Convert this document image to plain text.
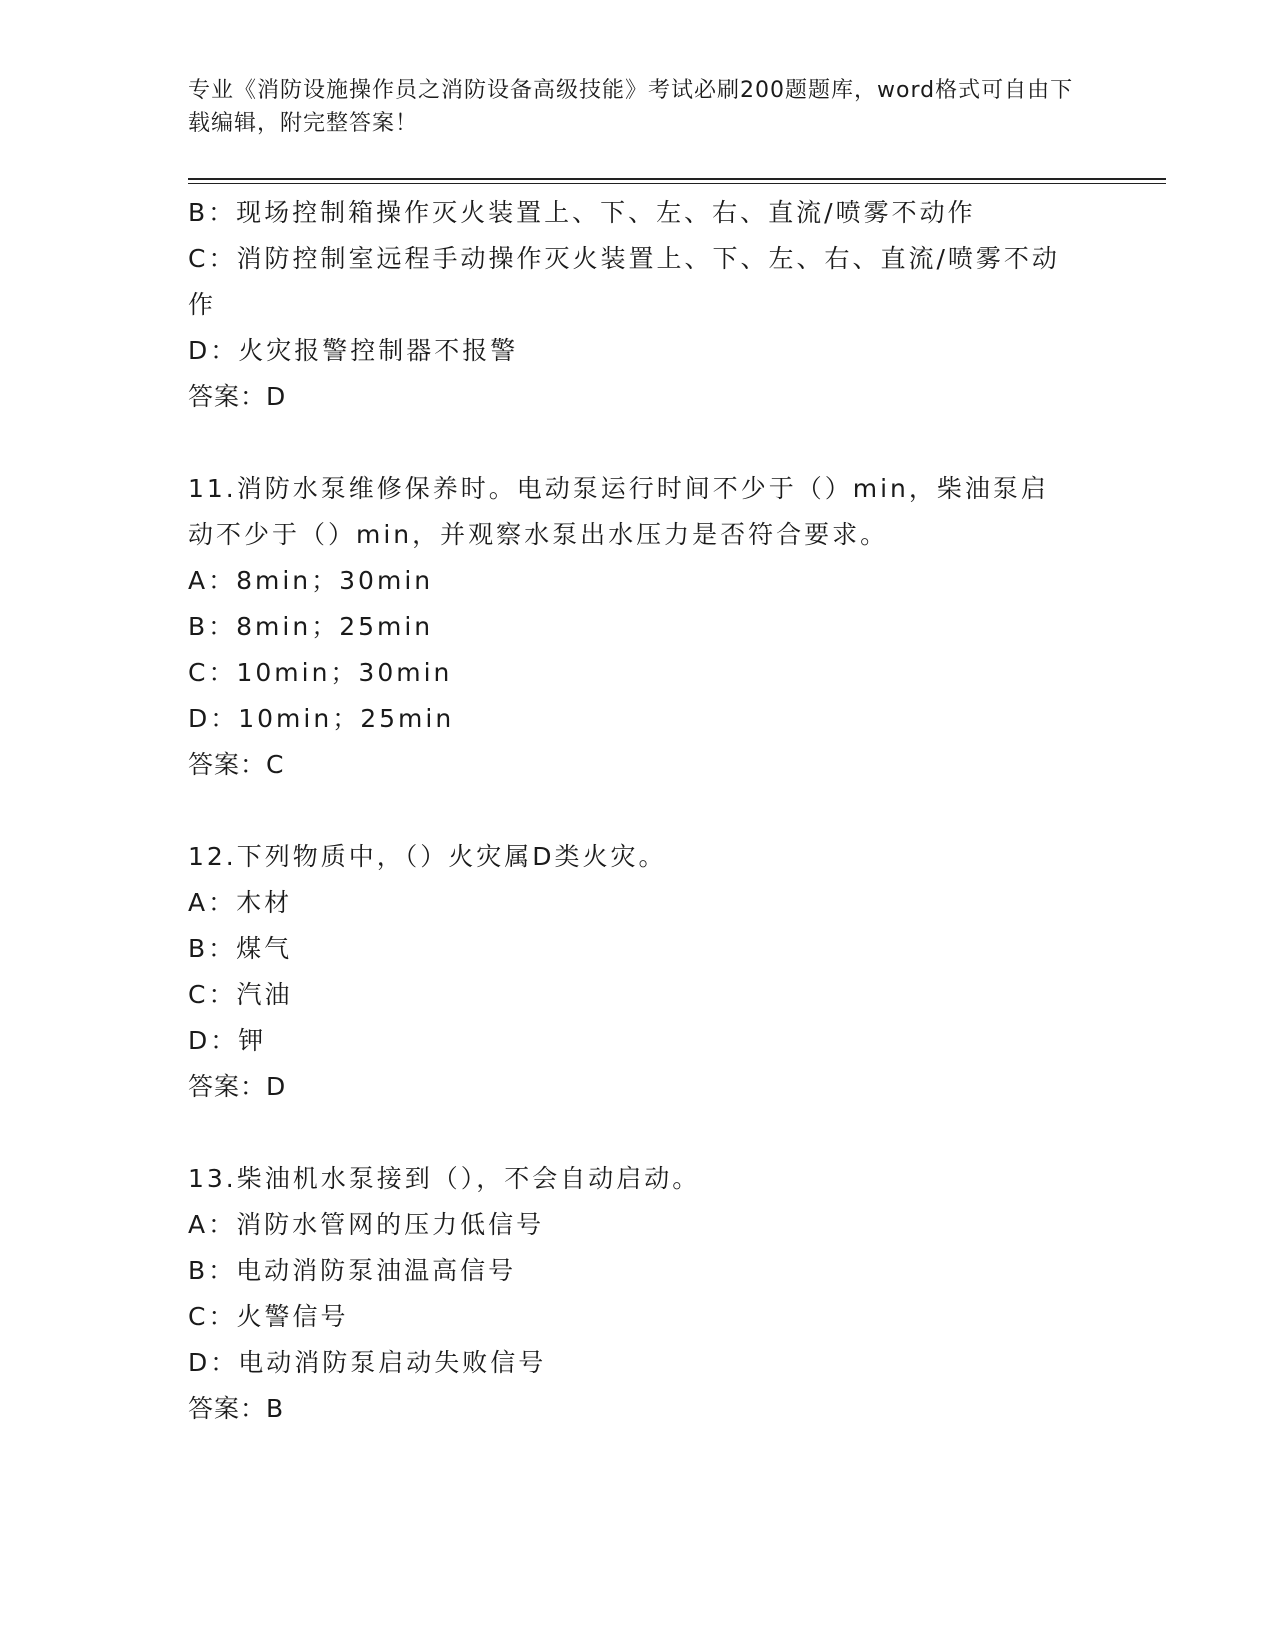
专业《消防设施操作员之消防设备高级技能》考试必刷200题题库，word格式可自由下载编辑，附完整答案！
B：现场控制箱操作灭火装置上、下、左、右、直流/喷雾不动作
C：消防控制室远程手动操作灭火装置上、下、左、右、直流/喷雾不动作
D：火灾报警控制器不报警
答案：D
11.消防水泵维修保养时。电动泵运行时间不少于（）min，柴油泵启动不少于（）min，并观察水泵出水压力是否符合要求。
A：8min；30min
B：8min；25min
C：10min；30min
D：10min；25min
答案：C
12.下列物质中，（）火灾属D类火灾。
A：木材
B：煤气
C：汽油
D：钾
答案：D
13.柴油机水泵接到（），不会自动启动。
A：消防水管网的压力低信号
B：电动消防泵油温高信号
C：火警信号
D：电动消防泵启动失败信号
答案：B
